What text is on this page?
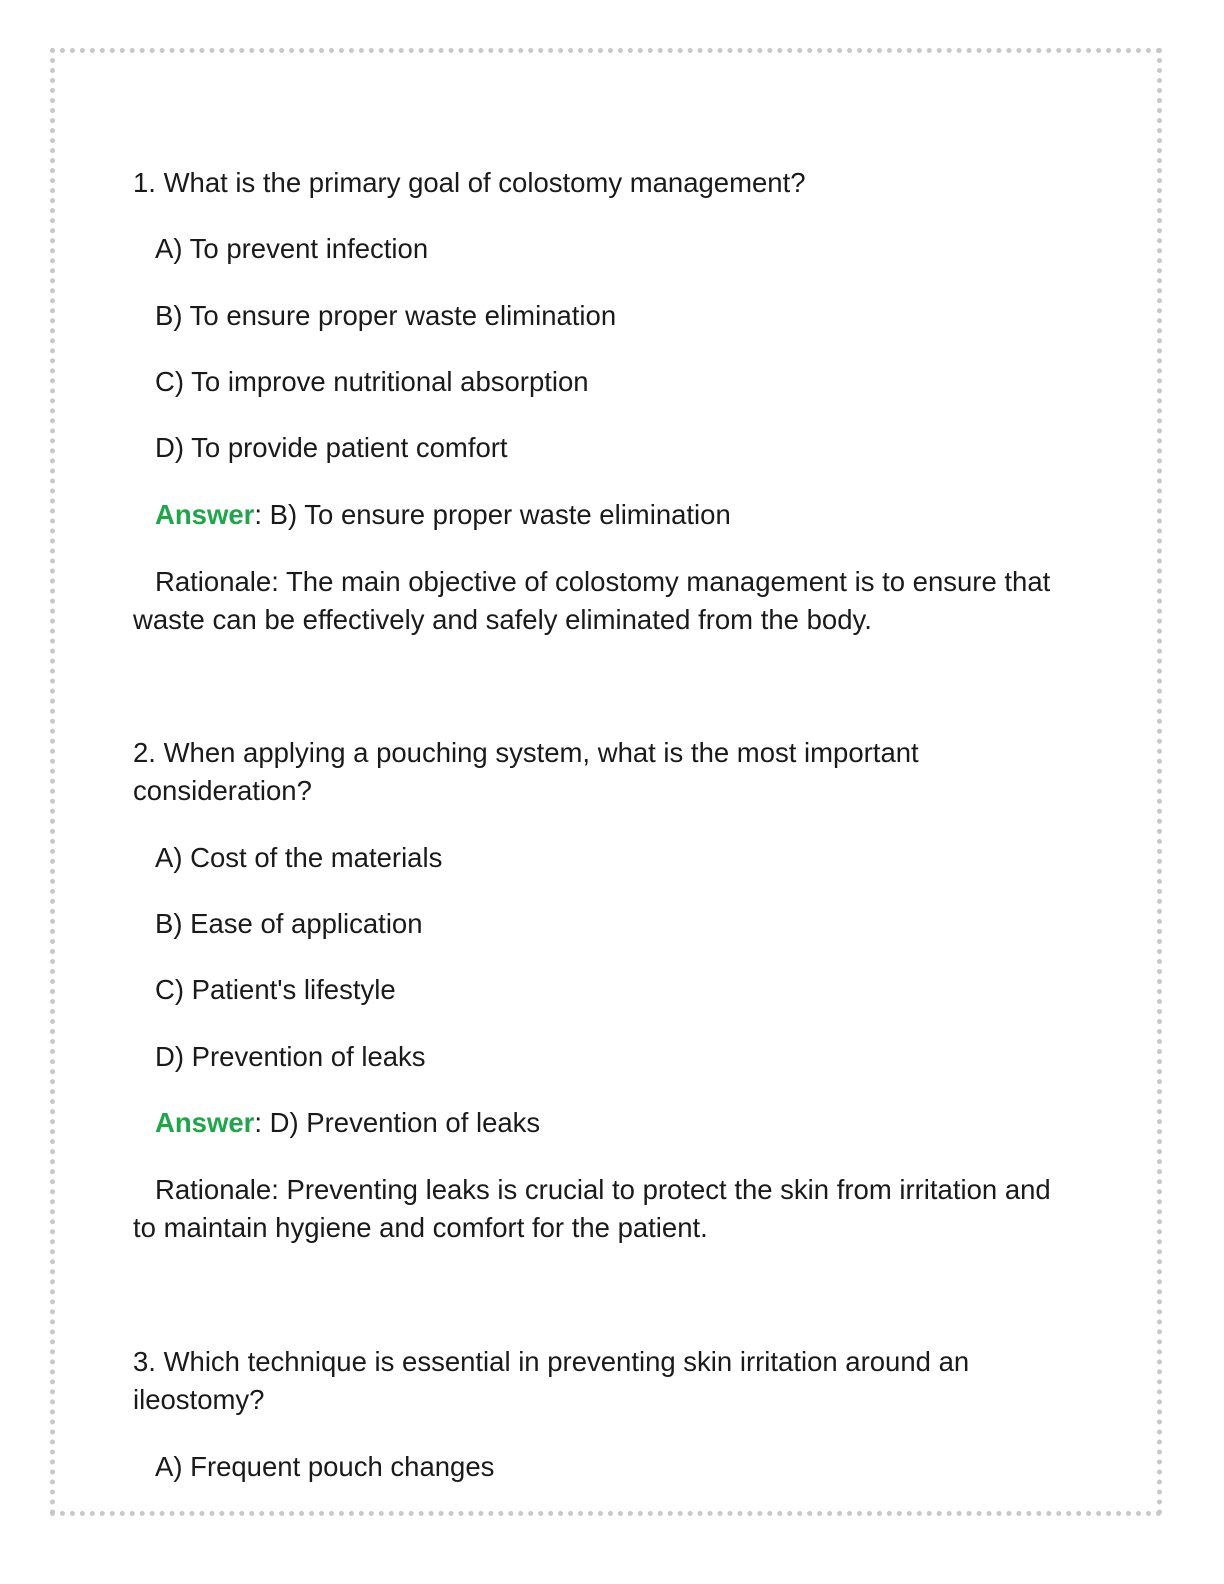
1. What is the primary goal of colostomy management?

A) To prevent infection

B) To ensure proper waste elimination

C) To improve nutritional absorption

D) To provide patient comfort

Answer: B) To ensure proper waste elimination

Rationale: The main objective of colostomy management is to ensure that waste can be effectively and safely eliminated from the body.

2. When applying a pouching system, what is the most important consideration?

A) Cost of the materials

B) Ease of application

C) Patient's lifestyle

D) Prevention of leaks

Answer: D) Prevention of leaks

Rationale: Preventing leaks is crucial to protect the skin from irritation and to maintain hygiene and comfort for the patient.

3. Which technique is essential in preventing skin irritation around an ileostomy?

A) Frequent pouch changes
